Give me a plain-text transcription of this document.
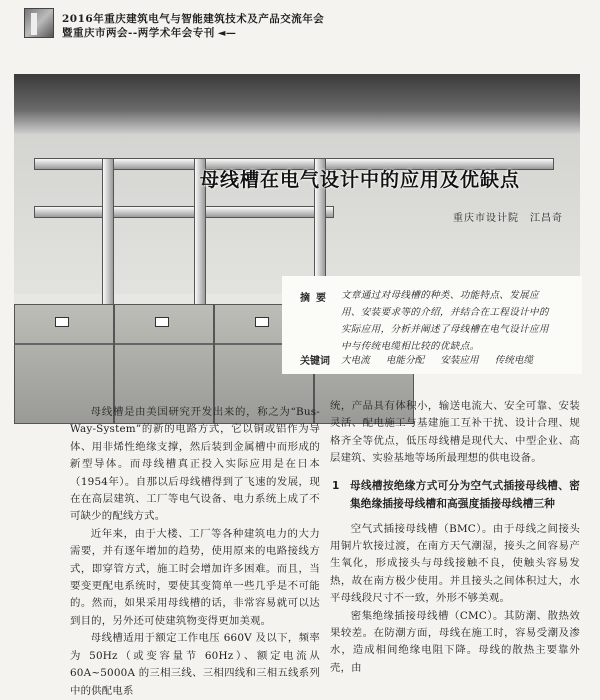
2016年重庆建筑电气与智能建筑技术及产品交流年会
暨重庆市两会--两学术年会专刊 ◄—
母线槽在电气设计中的应用及优缺点
重庆市设计院　江昌奇
摘要 文章通过对母线槽的种类、功能特点、发展应用、安装要求等的介绍，并结合在工程设计中的实际应用，分析并阐述了母线槽在电气设计应用中与传统电缆相比较的优缺点。
关键词 大电流 电能分配 安装应用 传统电缆

母线槽是由美国研究开发出来的，称之为“Bus-Way-System”的新的电路方式，它以铜或铝作为导体、用非烯性绝缘支撑，然后装到金属槽中而形成的新型导体。而母线槽真正投入实际应用是在日本（1954年）。自那以后母线槽得到了飞速的发展，现在在高层建筑、工厂等电气设备、电力系统上成了不可缺少的配线方式。

近年来，由于大楼、工厂等各种建筑电力的大力需要，并有逐年增加的趋势，使用原来的电路接线方式，即穿管方式，施工时会增加许多困难。而且，当要变更配电系统时，要使其变简单一些几乎是不可能的。然而，如果采用母线槽的话，非常容易就可以达到目的，另外还可使建筑物变得更加美观。

母线槽适用于额定工作电压 660V 及以下，频率为 50Hz（或变容量节 60Hz）、额定电流从 60A~5000A 的三相三线、三相四线和三相五线系列中的供配电系

统，产品具有体积小，输送电流大、安全可靠、安装灵活、配电施工与基建施工互补干扰、设计合理、规格齐全等优点，低压母线槽是现代大、中型企业、高层建筑、实验基地等场所最理想的供电设备。

1 母线槽按绝缘方式可分为空气式插接母线槽、密集绝缘插接母线槽和高强度插接母线槽三种

空气式插接母线槽（BMC）。由于母线之间接头用铜片软接过渡，在南方天气潮湿，接头之间容易产生氧化，形成接头与母线接触不良，使触头容易发热，故在南方极少使用。并且接头之间体积过大，水平母线段尺寸不一致，外形不够美观。

密集绝缘插接母线槽（CMC）。其防潮、散热效果较差。在防潮方面，母线在施工时，容易受潮及渗水，造成相间绝缘电阻下降。母线的散热主要靠外壳，由
